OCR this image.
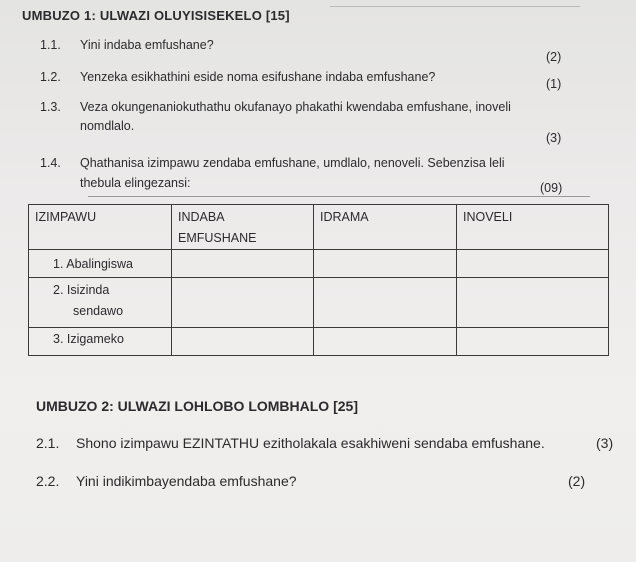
UMBUZO 1: ULWAZI OLUYISISEKELO [15]
1.1. Yini indaba emfushane?
(2)
1.2. Yenzeka esikhathini eside noma esifushane indaba emfushane?	(1)
1.3. Veza okungenaniokuthathu okufanayo phakathi kwendaba emfushane, inoveli
nomdlalo.
(3)
1.4. Qhathanisa izimpawu zendaba emfushane, umdlalo, nenoveli. Sebenzisa leli
thebula elingezansi:	(09)
IZIMPAWU	INDABA EMFUSHANE	IDRAMA	INOVELI

1. Abalingiswa			

2. Isizinda
sendawo			

3. Izigameko			

UMBUZO 2: ULWAZI LOHLOBO LOMBHALO [25]
2.1. Shono izimpawu EZINTATHU ezitholakala esakhiweni sendaba emfushane.	(3)
2.2. Yini indikimbayendaba emfushane?	(2)
